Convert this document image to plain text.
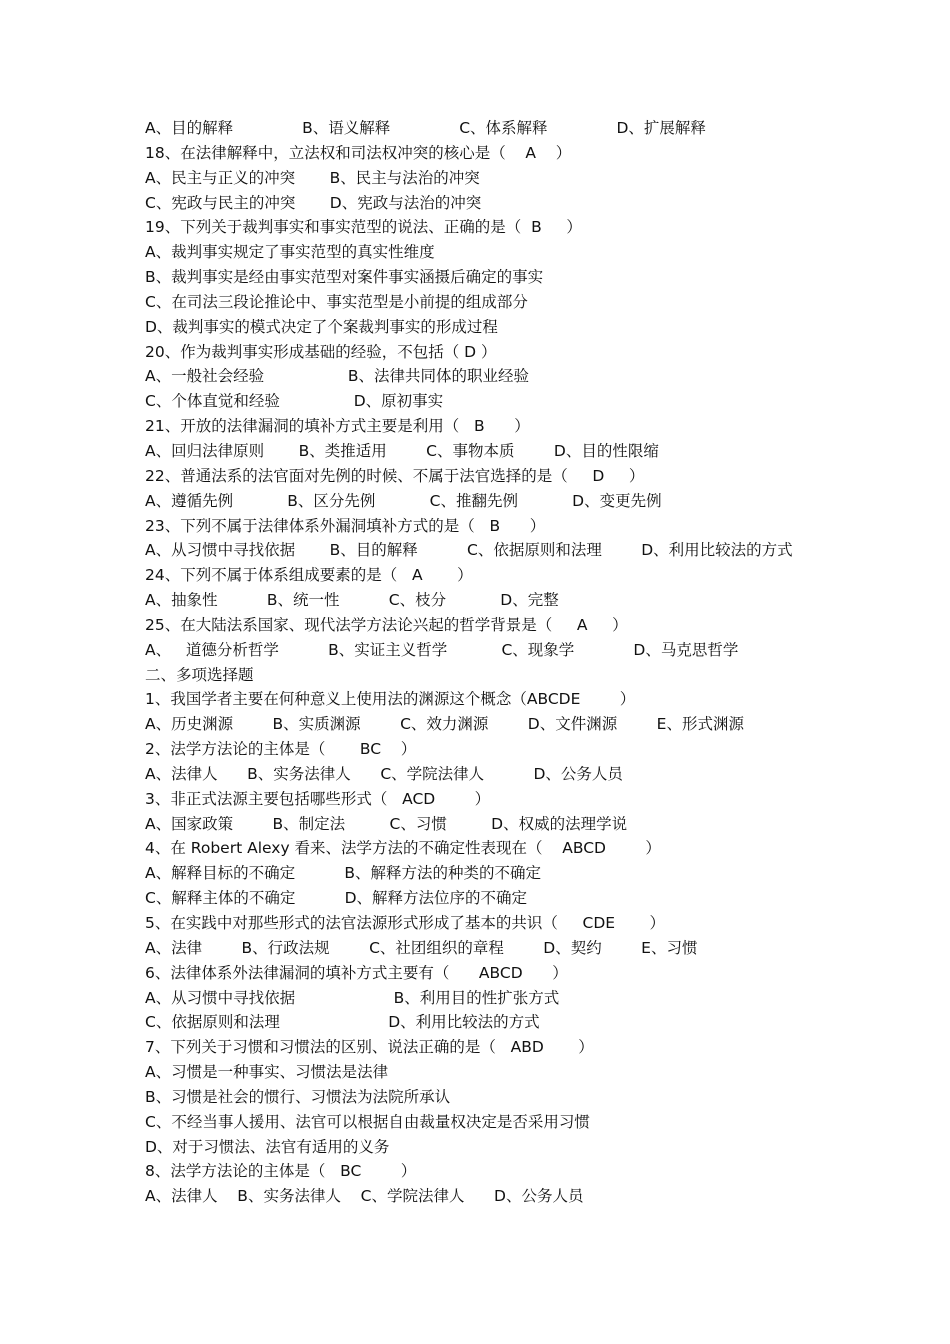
A、目的解释              B、语义解释              C、体系解释              D、扩展解释
18、在法律解释中，立法权和司法权冲突的核心是（    A    ）
A、民主与正义的冲突       B、民主与法治的冲突
C、宪政与民主的冲突       D、宪政与法治的冲突
19、下列关于裁判事实和事实范型的说法、正确的是（  B     ）
A、裁判事实规定了事实范型的真实性维度
B、裁判事实是经由事实范型对案件事实涵摄后确定的事实
C、在司法三段论推论中、事实范型是小前提的组成部分
D、裁判事实的模式决定了个案裁判事实的形成过程
20、作为裁判事实形成基础的经验，不包括（ D ）
A、一般社会经验                 B、法律共同体的职业经验
C、个体直觉和经验               D、原初事实
21、开放的法律漏洞的填补方式主要是利用（   B      ）
A、回归法律原则       B、类推适用        C、事物本质        D、目的性限缩
22、普通法系的法官面对先例的时候、不属于法官选择的是（     D     ）
A、遵循先例           B、区分先例           C、推翻先例           D、变更先例
23、下列不属于法律体系外漏洞填补方式的是（   B      ）
A、从习惯中寻找依据       B、目的解释          C、依据原则和法理        D、利用比较法的方式
24、下列不属于体系组成要素的是（   A       ）
A、抽象性          B、统一性          C、枝分           D、完整
25、在大陆法系国家、现代法学方法论兴起的哲学背景是（     A     ）
A、   道德分析哲学          B、实证主义哲学           C、现象学            D、马克思哲学
二、多项选择题
1、我国学者主要在何种意义上使用法的渊源这个概念（ABCDE        ）
A、历史渊源        B、实质渊源        C、效力渊源        D、文件渊源        E、形式渊源
2、法学方法论的主体是（       BC    ）
A、法律人      B、实务法律人      C、学院法律人          D、公务人员
3、非正式法源主要包括哪些形式（   ACD        ）
A、国家政策        B、制定法         C、习惯         D、权威的法理学说
4、在 Robert Alexy 看来、法学方法的不确定性表现在（    ABCD        ）
A、解释目标的不确定          B、解释方法的种类的不确定
C、解释主体的不确定          D、解释方法位序的不确定
5、在实践中对那些形式的法官法源形式形成了基本的共识（     CDE       ）
A、法律        B、行政法规        C、社团组织的章程        D、契约        E、习惯
6、法律体系外法律漏洞的填补方式主要有（      ABCD      ）
A、从习惯中寻找依据                    B、利用目的性扩张方式
C、依据原则和法理                      D、利用比较法的方式
7、下列关于习惯和习惯法的区别、说法正确的是（   ABD       ）
A、习惯是一种事实、习惯法是法律
B、习惯是社会的惯行、习惯法为法院所承认
C、不经当事人援用、法官可以根据自由裁量权决定是否采用习惯
D、对于习惯法、法官有适用的义务
8、法学方法论的主体是（   BC        ）
A、法律人    B、实务法律人    C、学院法律人      D、公务人员
